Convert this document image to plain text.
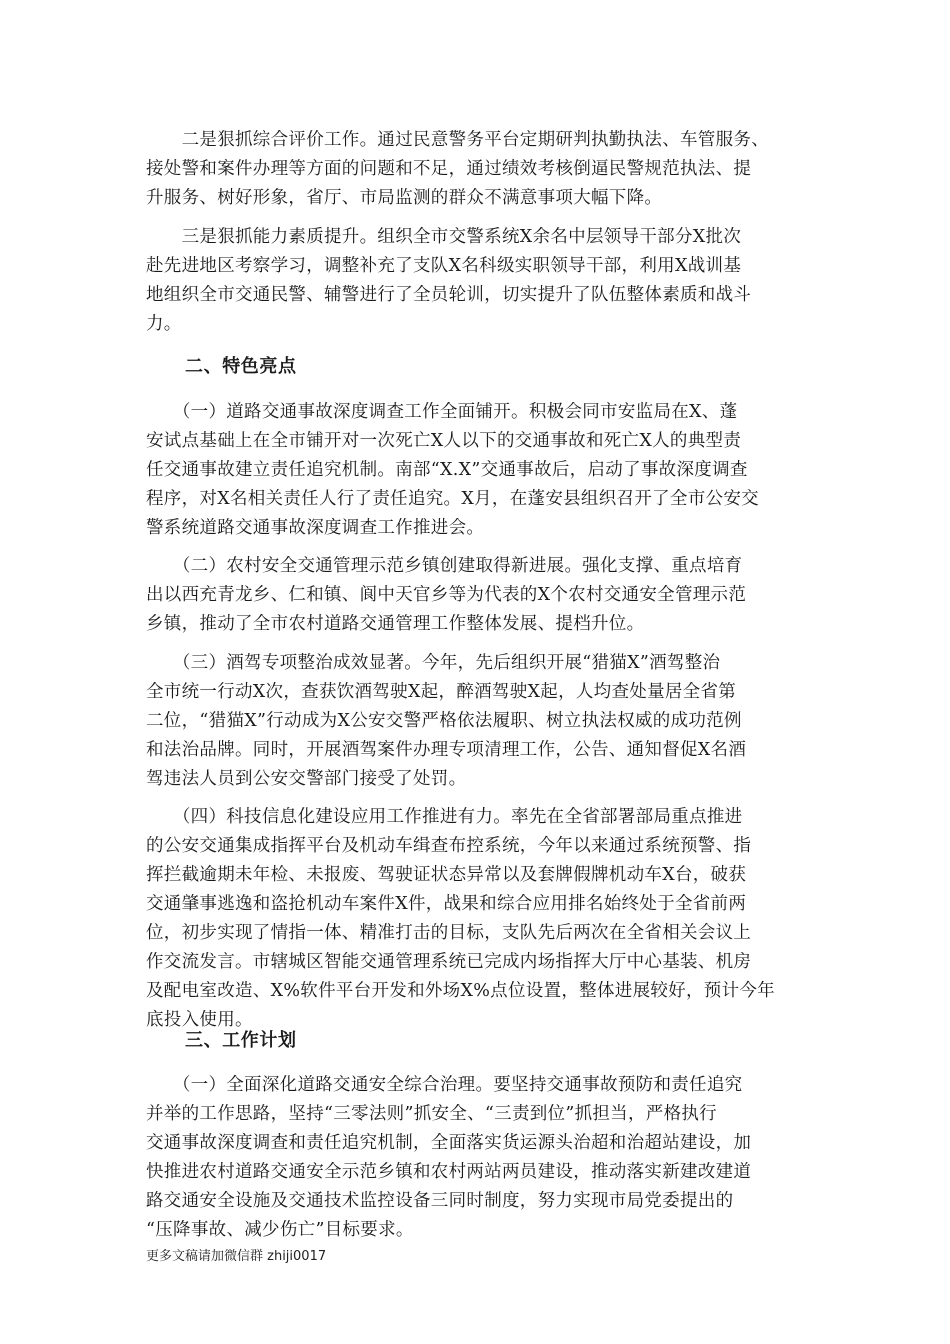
　　二是狠抓综合评价工作。通过民意警务平台定期研判执勤执法、车管服务、
接处警和案件办理等方面的问题和不足，通过绩效考核倒逼民警规范执法、提
升服务、树好形象，省厅、市局监测的群众不满意事项大幅下降。

　　三是狠抓能力素质提升。组织全市交警系统X余名中层领导干部分X批次
赴先进地区考察学习，调整补充了支队X名科级实职领导干部，利用X战训基
地组织全市交通民警、辅警进行了全员轮训，切实提升了队伍整体素质和战斗
力。

二、特色亮点

　　（一）道路交通事故深度调查工作全面铺开。积极会同市安监局在X、蓬
安试点基础上在全市铺开对一次死亡X人以下的交通事故和死亡X人的典型责
任交通事故建立责任追究机制。南部“X.X”交通事故后，启动了事故深度调查
程序，对X名相关责任人行了责任追究。X月，在蓬安县组织召开了全市公安交
警系统道路交通事故深度调查工作推进会。

　　（二）农村安全交通管理示范乡镇创建取得新进展。强化支撑、重点培育
出以西充青龙乡、仁和镇、阆中天官乡等为代表的X个农村交通安全管理示范
乡镇，推动了全市农村道路交通管理工作整体发展、提档升位。

　　（三）酒驾专项整治成效显著。今年，先后组织开展“猎猫X”酒驾整治
全市统一行动X次，查获饮酒驾驶X起，醉酒驾驶X起，人均查处量居全省第
二位，“猎猫X”行动成为X公安交警严格依法履职、树立执法权威的成功范例
和法治品牌。同时，开展酒驾案件办理专项清理工作，公告、通知督促X名酒
驾违法人员到公安交警部门接受了处罚。

　　（四）科技信息化建设应用工作推进有力。率先在全省部署部局重点推进
的公安交通集成指挥平台及机动车缉查布控系统，今年以来通过系统预警、指
挥拦截逾期未年检、未报废、驾驶证状态异常以及套牌假牌机动车X台，破获
交通肇事逃逸和盗抢机动车案件X件，战果和综合应用排名始终处于全省前两
位，初步实现了情指一体、精准打击的目标，支队先后两次在全省相关会议上
作交流发言。市辖城区智能交通管理系统已完成内场指挥大厅中心基装、机房
及配电室改造、X%软件平台开发和外场X%点位设置，整体进展较好，预计今年
底投入使用。

三、工作计划

　　（一）全面深化道路交通安全综合治理。要坚持交通事故预防和责任追究
并举的工作思路，坚持“三零法则”抓安全、“三责到位”抓担当，严格执行
交通事故深度调查和责任追究机制，全面落实货运源头治超和治超站建设，加
快推进农村道路交通安全示范乡镇和农村两站两员建设，推动落实新建改建道
路交通安全设施及交通技术监控设备三同时制度，努力实现市局党委提出的
“压降事故、减少伤亡”目标要求。

更多文稿请加微信群 zhiji0017
